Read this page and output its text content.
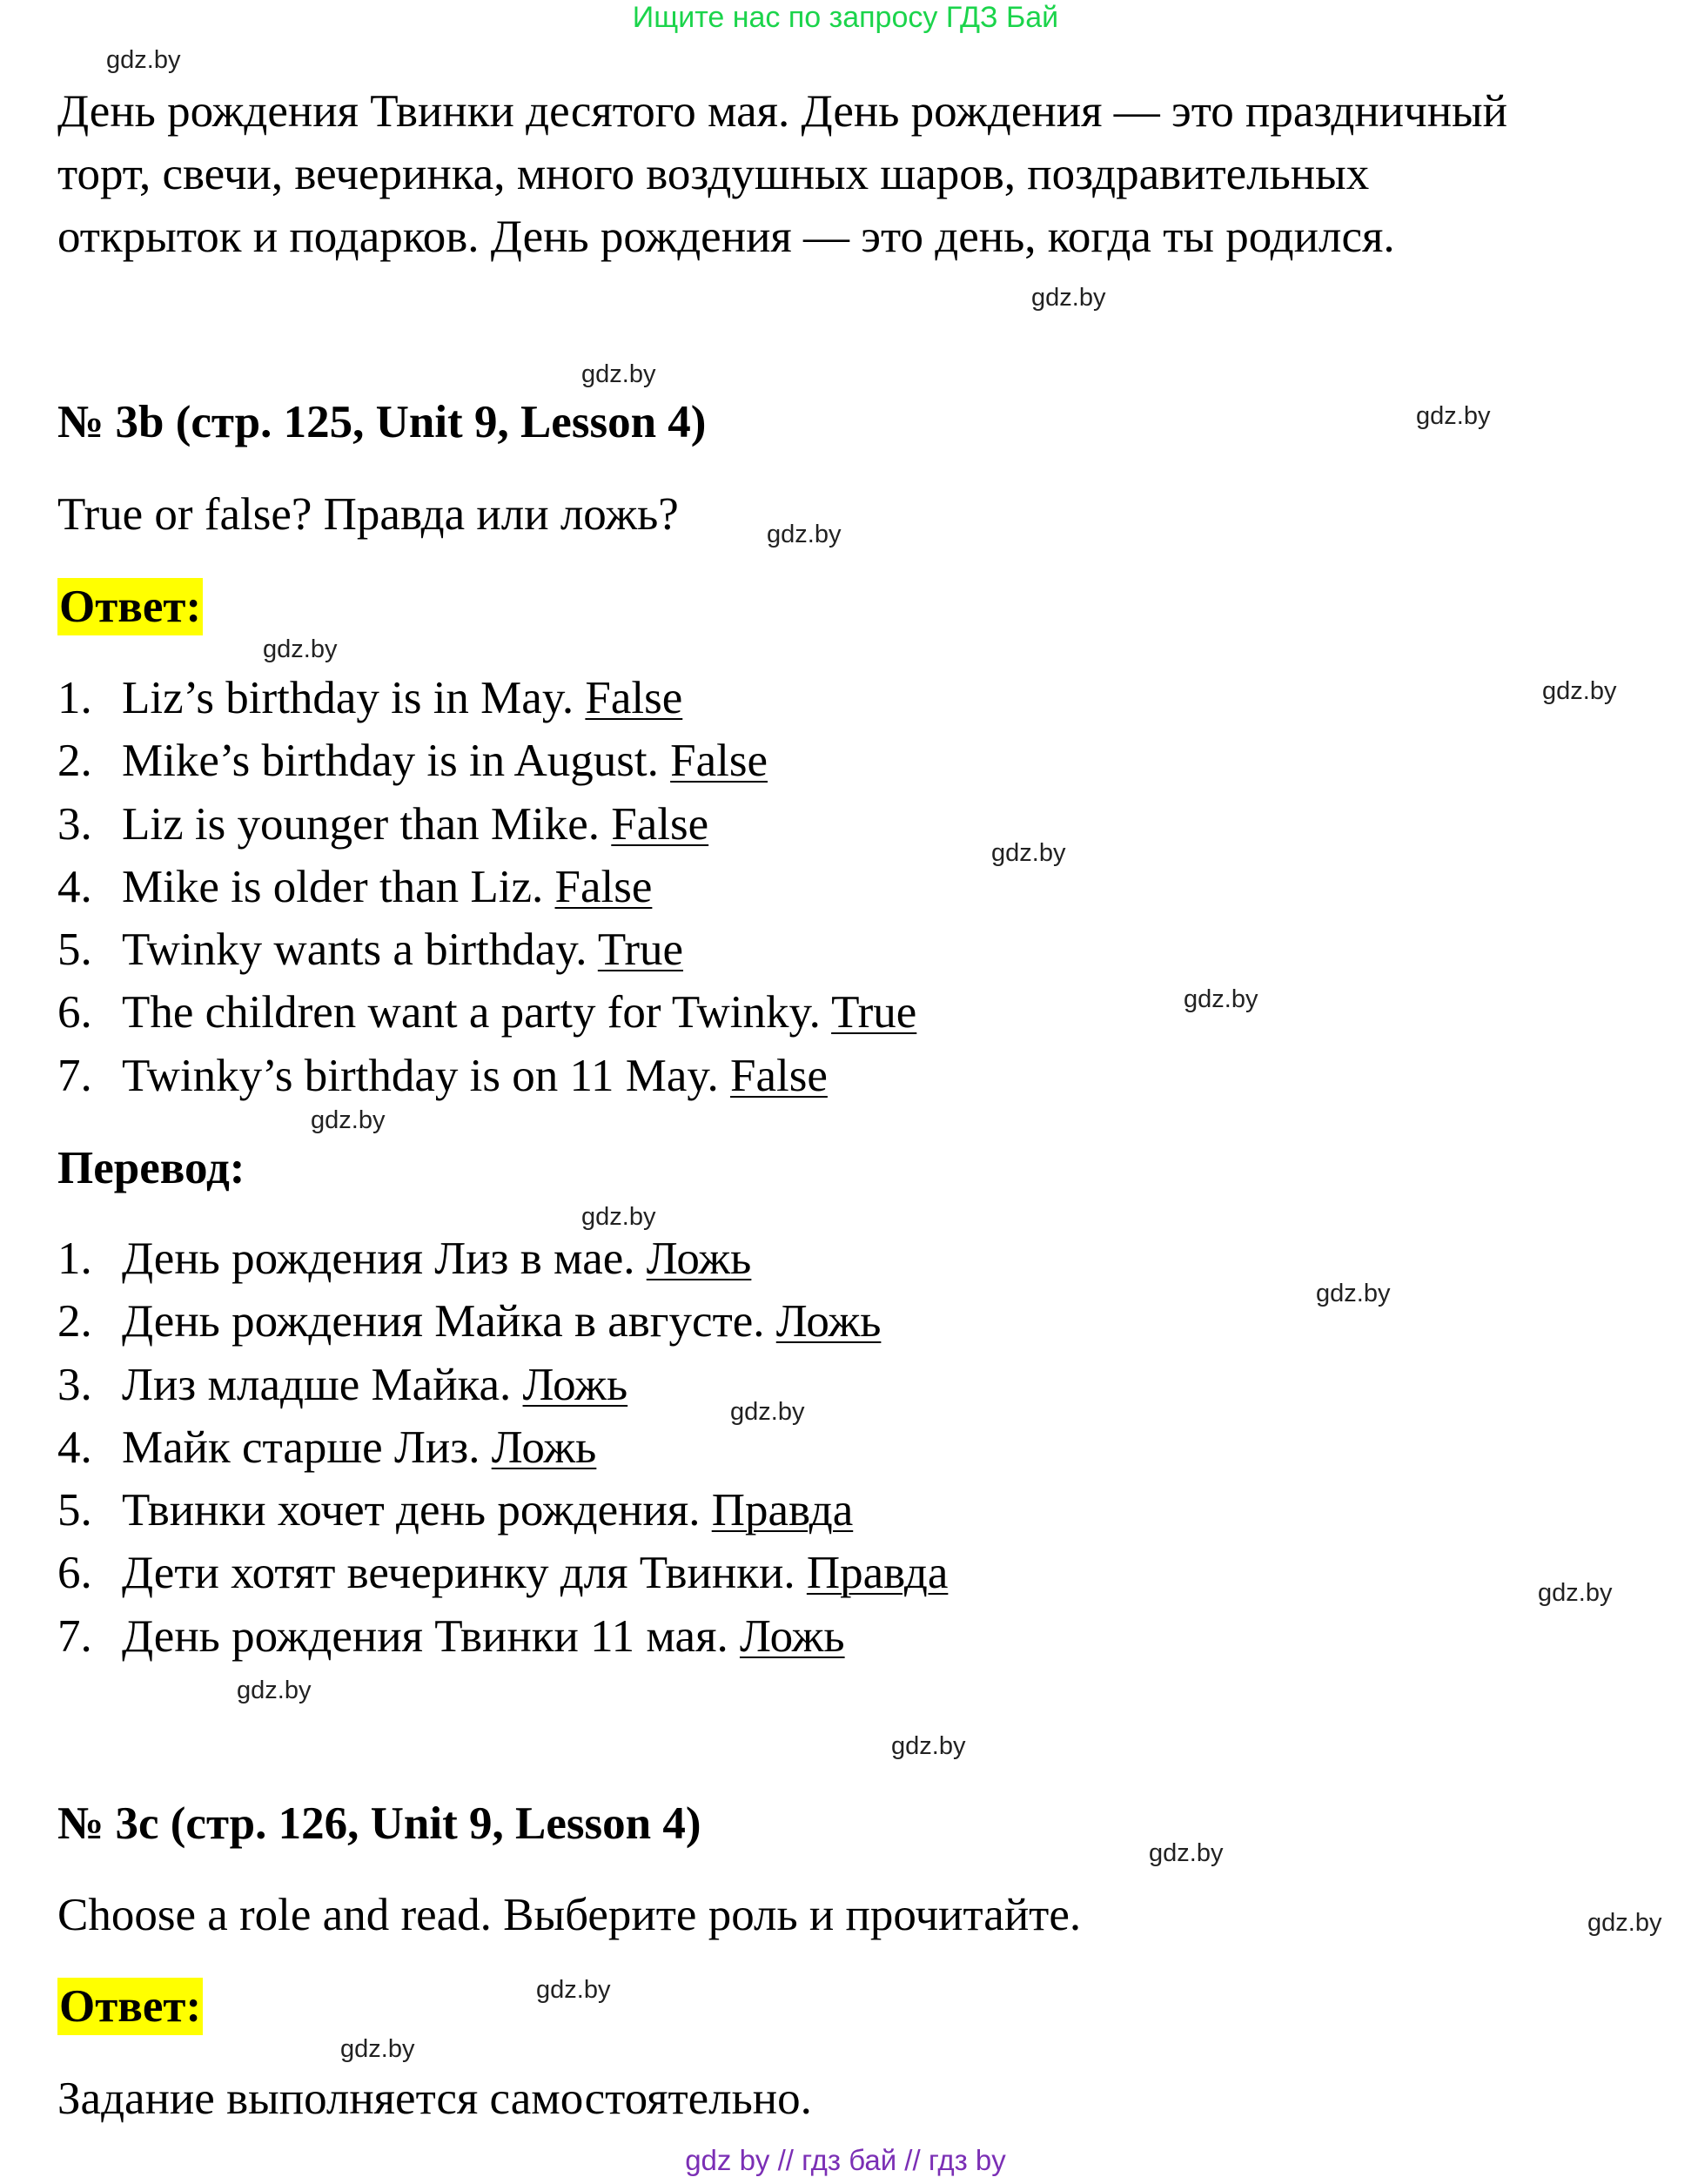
Ищите нас по запросу ГДЗ Бай
gdz.by
gdz.by
gdz.by
gdz.by
gdz.by
gdz.by
gdz.by
gdz.by
gdz.by
gdz.by
gdz.by
gdz.by
gdz.by
gdz.by
gdz.by
gdz.by
gdz.by
gdz.by
gdz.by
gdz.by
День рождения Твинки десятого мая. День рождения — это праздничный
торт, свечи, вечеринка, много воздушных шаров, поздравительных
открыток и подарков. День рождения — это день, когда ты родился.
№ 3b (стр. 125, Unit 9, Lesson 4)
True or false? Правда или ложь?
Ответ:
1. Liz’s birthday is in May. False
2. Mike’s birthday is in August. False
3. Liz is younger than Mike. False
4. Mike is older than Liz. False
5. Twinky wants a birthday. True
6. The children want a party for Twinky. True
7. Twinky’s birthday is on 11 May. False
Перевод:
1. День рождения Лиз в мае. Ложь
2. День рождения Майка в августе. Ложь
3. Лиз младше Майка. Ложь
4. Майк старше Лиз. Ложь
5. Твинки хочет день рождения. Правда
6. Дети хотят вечеринку для Твинки. Правда
7. День рождения Твинки 11 мая. Ложь
№ 3с (стр. 126, Unit 9, Lesson 4)
Choose a role and read. Выберите роль и прочитайте.
Ответ:
Задание выполняется самостоятельно.
gdz by // гдз бай // гдз by
